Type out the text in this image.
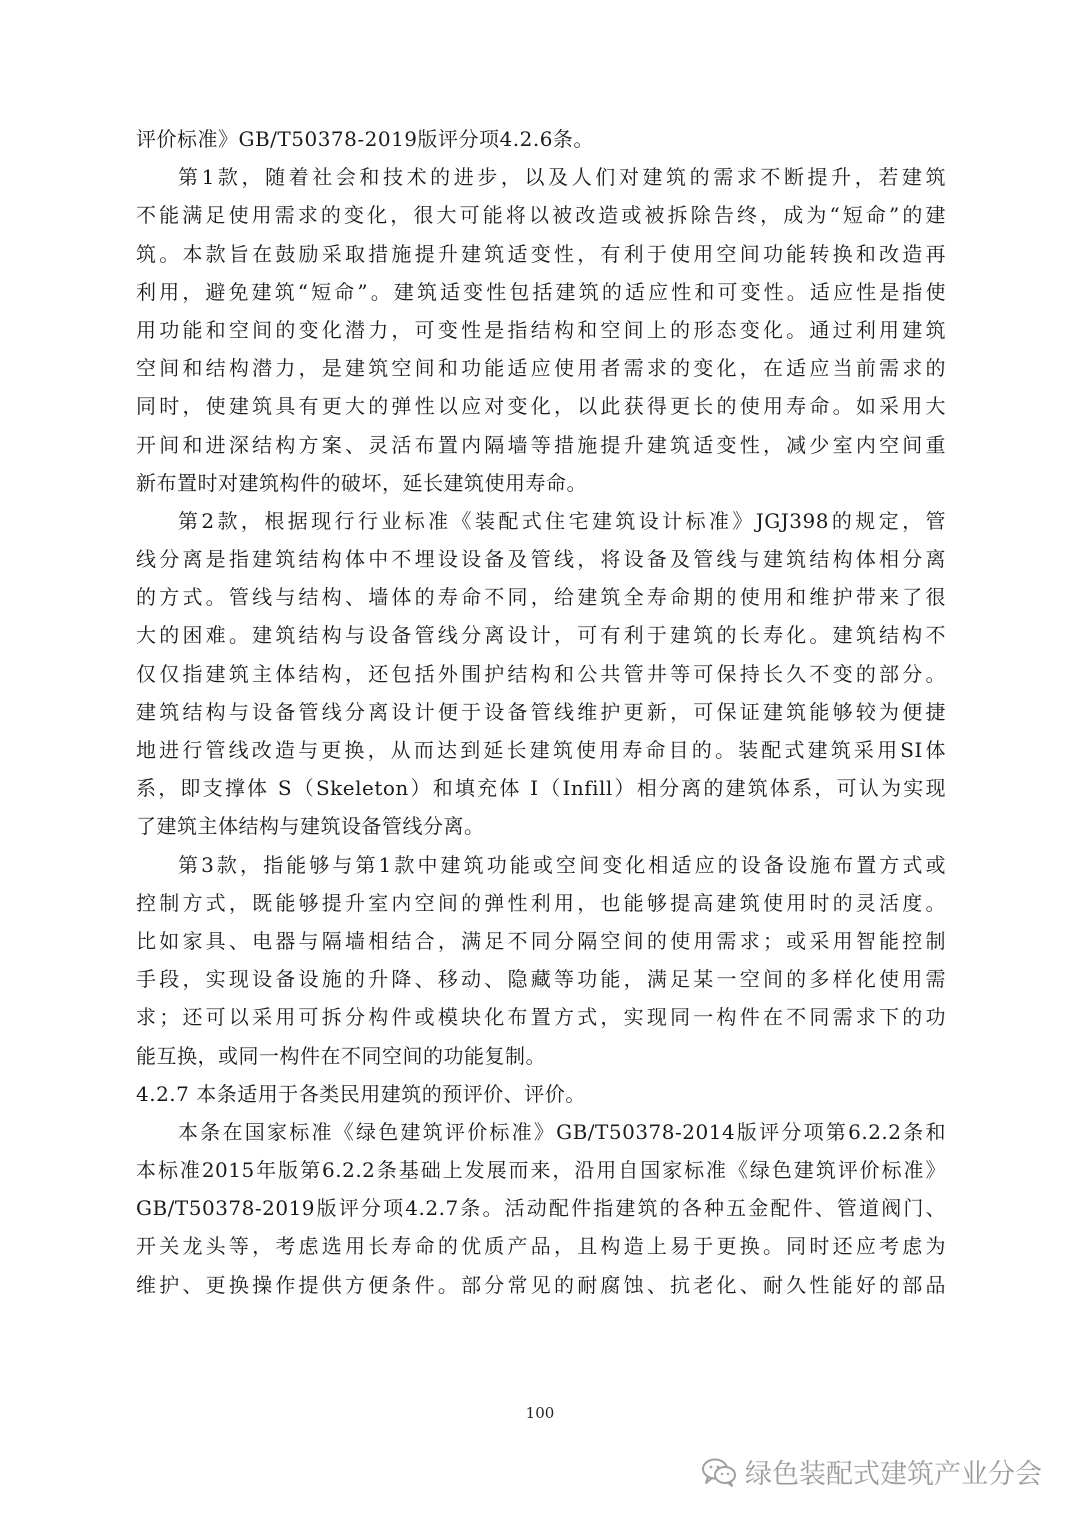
评价标准》GB/T50378-2019版评分项4.2.6条。
第1款，随着社会和技术的进步，以及人们对建筑的需求不断提升，若建筑
不能满足使用需求的变化，很大可能将以被改造或被拆除告终，成为“短命”的建
筑。本款旨在鼓励采取措施提升建筑适变性，有利于使用空间功能转换和改造再
利用，避免建筑“短命”。建筑适变性包括建筑的适应性和可变性。适应性是指使
用功能和空间的变化潜力，可变性是指结构和空间上的形态变化。通过利用建筑
空间和结构潜力，是建筑空间和功能适应使用者需求的变化，在适应当前需求的
同时，使建筑具有更大的弹性以应对变化，以此获得更长的使用寿命。如采用大
开间和进深结构方案、灵活布置内隔墙等措施提升建筑适变性，减少室内空间重
新布置时对建筑构件的破坏，延长建筑使用寿命。
第2款，根据现行行业标准《装配式住宅建筑设计标准》JGJ398的规定，管
线分离是指建筑结构体中不埋设设备及管线，将设备及管线与建筑结构体相分离
的方式。管线与结构、墙体的寿命不同，给建筑全寿命期的使用和维护带来了很
大的困难。建筑结构与设备管线分离设计，可有利于建筑的长寿化。建筑结构不
仅仅指建筑主体结构，还包括外围护结构和公共管井等可保持长久不变的部分。
建筑结构与设备管线分离设计便于设备管线维护更新，可保证建筑能够较为便捷
地进行管线改造与更换，从而达到延长建筑使用寿命目的。装配式建筑采用SI体
系，即支撑体 S（Skeleton）和填充体 I（Infill）相分离的建筑体系，可认为实现
了建筑主体结构与建筑设备管线分离。
第3款，指能够与第1款中建筑功能或空间变化相适应的设备设施布置方式或
控制方式，既能够提升室内空间的弹性利用，也能够提高建筑使用时的灵活度。
比如家具、电器与隔墙相结合，满足不同分隔空间的使用需求；或采用智能控制
手段，实现设备设施的升降、移动、隐藏等功能，满足某一空间的多样化使用需
求；还可以采用可拆分构件或模块化布置方式，实现同一构件在不同需求下的功
能互换，或同一构件在不同空间的功能复制。
4.2.7 本条适用于各类民用建筑的预评价、评价。
本条在国家标准《绿色建筑评价标准》GB/T50378-2014版评分项第6.2.2条和
本标准2015年版第6.2.2条基础上发展而来，沿用自国家标准《绿色建筑评价标准》
GB/T50378-2019版评分项4.2.7条。活动配件指建筑的各种五金配件、管道阀门、
开关龙头等，考虑选用长寿命的优质产品，且构造上易于更换。同时还应考虑为
维护、更换操作提供方便条件。部分常见的耐腐蚀、抗老化、耐久性能好的部品
100
绿色装配式建筑产业分会
